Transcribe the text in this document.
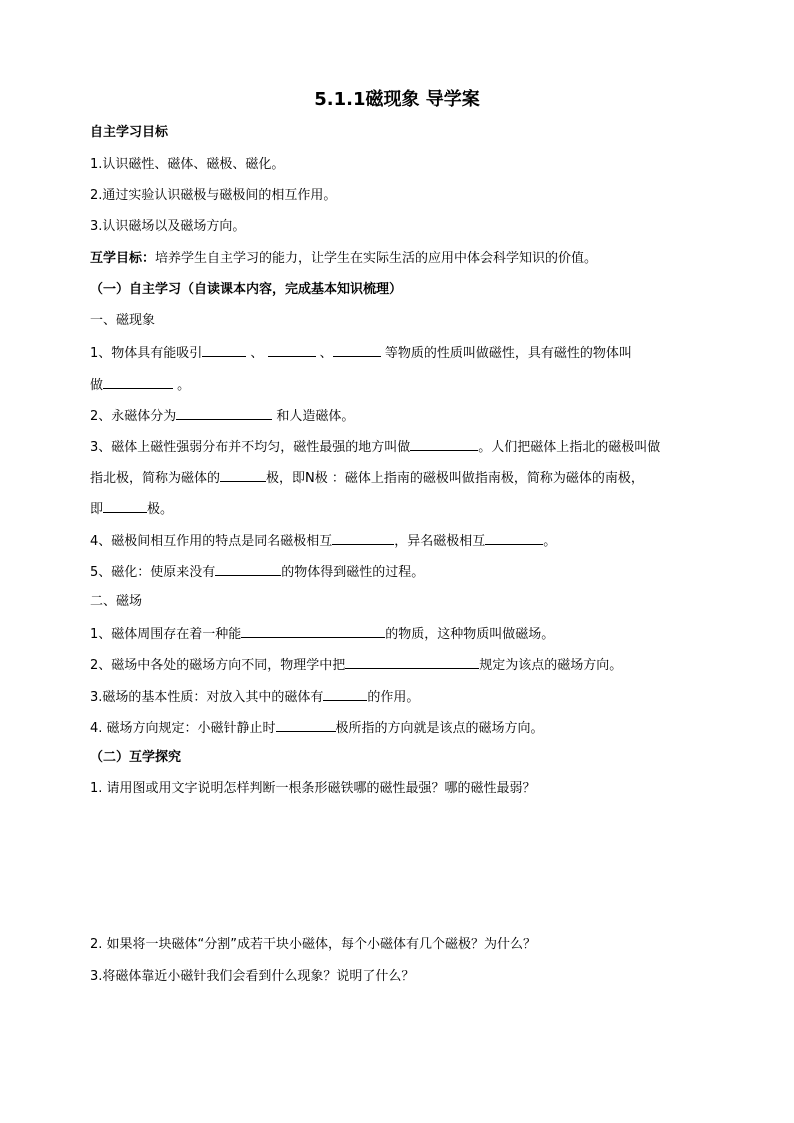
5.1.1磁现象 导学案
自主学习目标
1.认识磁性、磁体、磁极、磁化。
2.通过实验认识磁极与磁极间的相互作用。
3.认识磁场以及磁场方向。
互学目标：培养学生自主学习的能力，让学生在实际生活的应用中体会科学知识的价值。
（一）自主学习（自读课本内容，完成基本知识梳理）
一、磁现象
1、物体具有能吸引	、	、	等物质的性质叫做磁性，具有磁性的物体叫
做	。
2、永磁体分为	和人造磁体。
3、磁体上磁性强弱分布并不均匀，磁性最强的地方叫做	。人们把磁体上指北的磁极叫做
指北极，简称为磁体的	极，即N极 ：磁体上指南的磁极叫做指南极，简称为磁体的南极，
即	极。
4、磁极间相互作用的特点是同名磁极相互	，异名磁极相互	。
5、磁化：使原来没有	的物体得到磁性的过程。
二、磁场
1、磁体周围存在着一种能	的物质，这种物质叫做磁场。
2、磁场中各处的磁场方向不同，物理学中把	规定为该点的磁场方向。
3.磁场的基本性质：对放入其中的磁体有	的作用。
4. 磁场方向规定：小磁针静止时	极所指的方向就是该点的磁场方向。
（二）互学探究
1. 请用图或用文字说明怎样判断一根条形磁铁哪的磁性最强？哪的磁性最弱？
2. 如果将一块磁体“分割”成若干块小磁体，每个小磁体有几个磁极？为什么？
3.将磁体靠近小磁针我们会看到什么现象？说明了什么？
